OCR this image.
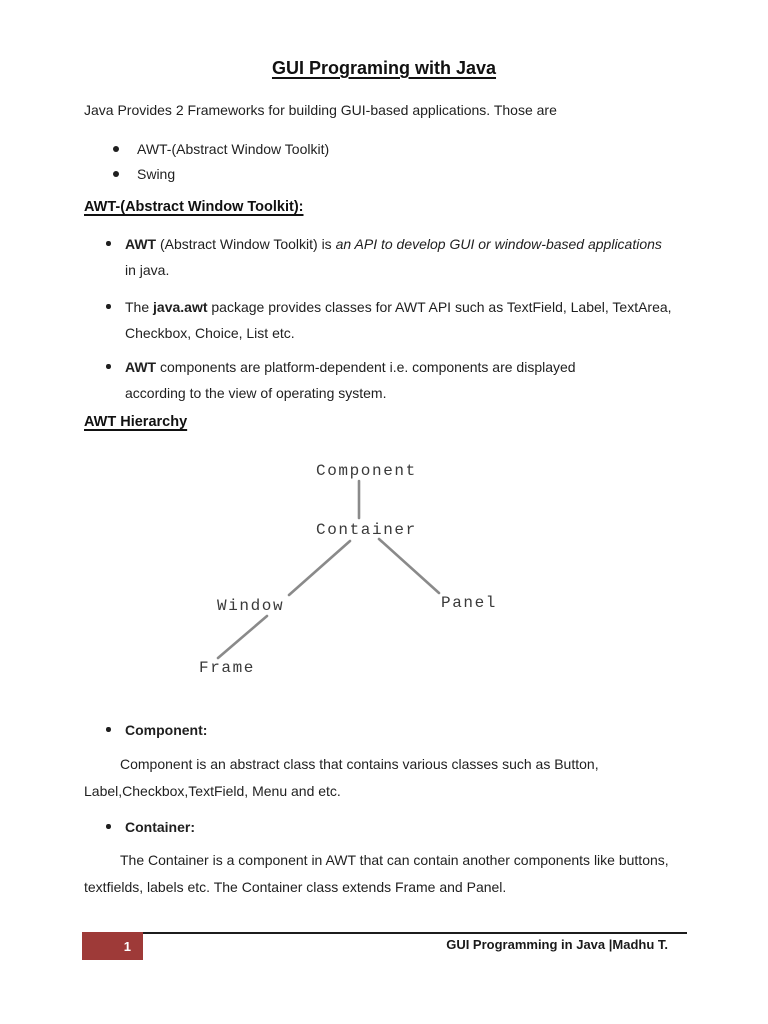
GUI Programing with Java
Java Provides 2 Frameworks for building GUI-based applications. Those are
AWT-(Abstract Window Toolkit)
Swing
AWT-(Abstract Window Toolkit):
AWT (Abstract Window Toolkit) is an API to develop GUI or window-based applications in java.
The java.awt package provides classes for AWT API such as TextField, Label, TextArea, Checkbox, Choice, List etc.
AWT components are platform-dependent i.e. components are displayed according to the view of operating system.
AWT Hierarchy
Component
Container
Window	Panel
Frame
Component:
Component is an abstract class that contains various classes such as Button, Label,Checkbox,TextField, Menu and etc.
Container:
The Container is a component in AWT that can contain another components like buttons, textfields, labels etc. The Container class extends Frame and Panel.
1	GUI Programming in Java |Madhu T.
